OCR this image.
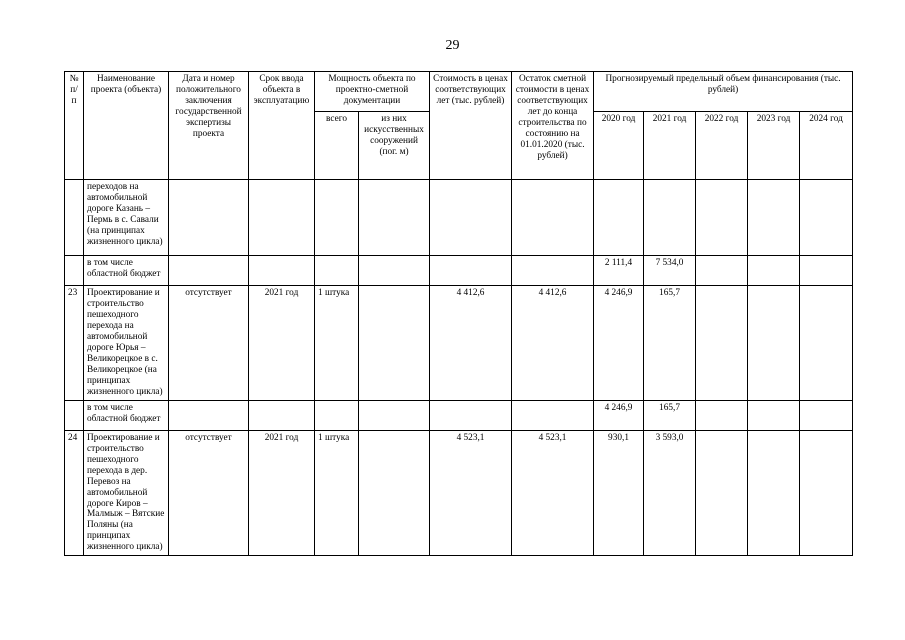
29
№ п/п	Наименование проекта (объекта)	Дата и номер положительного заключения государственной экспертизы проекта	Срок ввода объекта в эксплуатацию	Мощность объекта по проектно-сметной документации		Стоимость в ценах соответствующих лет (тыс. рублей)	Остаток сметной стоимости в ценах соответствующих лет до конца строительства по состоянию на 01.01.2020 (тыс. рублей)	Прогнозируемый предельный объем финансирования (тыс. рублей)				
				всего	из них искусственных сооружений (пог. м)			2020 год	2021 год	2022 год	2023 год	2024 год
	переходов на автомобильной дороге Казань – Пермь в с. Савали (на принципах жизненного цикла)											
	в том числе областной бюджет							2 111,4	7 534,0			
23	Проектирование и строительство пешеходного перехода на автомобильной дороге Юрья – Великорецкое в с. Великорецкое (на принципах жизненного цикла)	отсутствует	2021 год	1 штука		4 412,6	4 412,6	4 246,9	165,7			
	в том числе областной бюджет							4 246,9	165,7			
24	Проектирование и строительство пешеходного перехода в дер. Перевоз на автомобильной дороге Киров – Малмыж – Вятские Поляны (на принципах жизненного цикла)	отсутствует	2021 год	1 штука		4 523,1	4 523,1	930,1	3 593,0			
